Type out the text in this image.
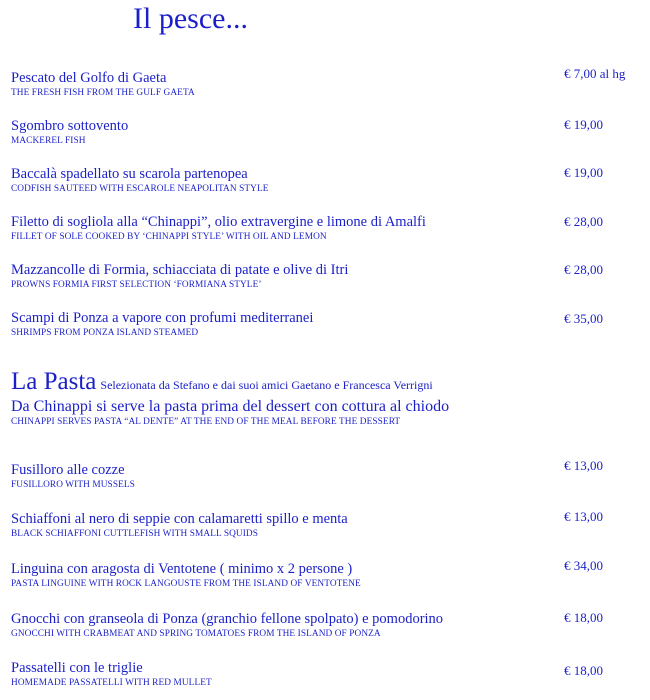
Il pesce...
Pescato del Golfo di Gaeta
THE FRESH FISH FROM THE GULF GAETA
€ 7,00 al hg
Sgombro sottovento
MACKEREL FISH
€ 19,00
Baccalà spadellato su scarola partenopea
CODFISH SAUTEED WITH ESCAROLE NEAPOLITAN STYLE
€ 19,00
Filetto di sogliola alla “Chinappi”, olio extravergine e limone di Amalfi
FILLET OF SOLE COOKED BY ‘CHINAPPI STYLE’ WITH OIL AND LEMON
€ 28,00
Mazzancolle di Formia, schiacciata di patate e olive di Itri
PROWNS FORMIA FIRST SELECTION ‘FORMIANA STYLE’
€ 28,00
Scampi di Ponza a vapore con profumi mediterranei
SHRIMPS FROM PONZA ISLAND STEAMED
€ 35,00
La Pasta Selezionata da Stefano e dai suoi amici Gaetano e Francesca Verrigni
Da Chinappi si serve la pasta prima del dessert con cottura al chiodo
CHINAPPI SERVES PASTA “AL DENTE” AT THE END OF THE MEAL BEFORE THE DESSERT
Fusilloro alle cozze
FUSILLORO WITH MUSSELS
€ 13,00
Schiaffoni al nero di seppie con calamaretti spillo e menta
BLACK SCHIAFFONI CUTTLEFISH WITH SMALL SQUIDS
€ 13,00
Linguina con aragosta di Ventotene ( minimo x 2 persone )
PASTA LINGUINE WITH ROCK LANGOUSTE FROM THE ISLAND OF VENTOTENE
€ 34,00
Gnocchi con granseola di Ponza (granchio fellone spolpato) e pomodorino
GNOCCHI WITH CRABMEAT AND SPRING TOMATOES FROM THE ISLAND OF PONZA
€ 18,00
Passatelli con le triglie
HOMEMADE PASSATELLI WITH RED MULLET
€ 18,00
